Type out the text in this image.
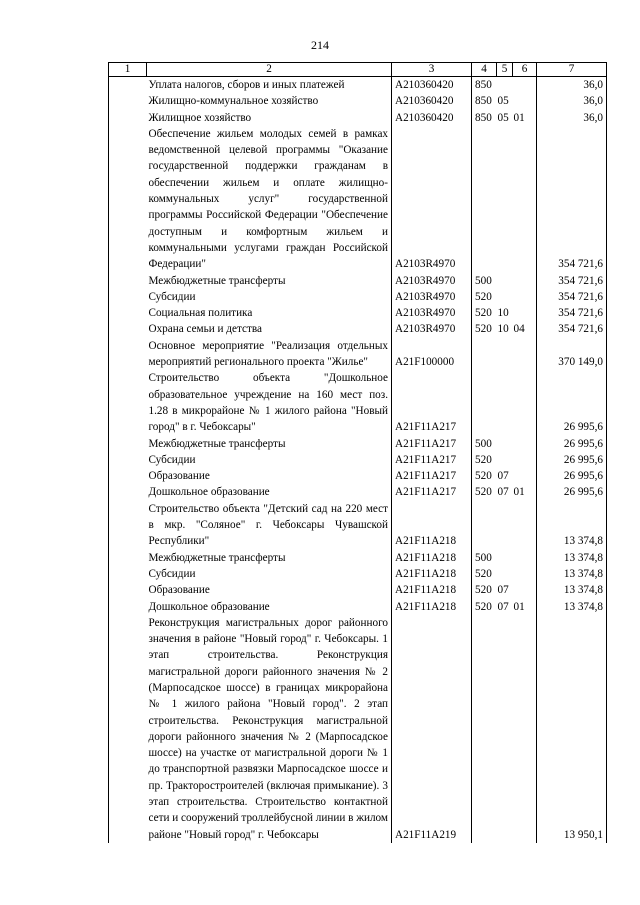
214
1	2	3	4	5	6	7
	Уплата налогов, сборов и иных платежей	A210360420	850			36,0
	Жилищно-коммунальное хозяйство	A210360420	850	05		36,0
	Жилищное хозяйство	A210360420	850	05	01	36,0
	Обеспечение жильем молодых семей в рамках ведомственной целевой программы "Оказание государственной поддержки гражданам в обеспечении жильем и оплате жилищно-коммунальных услуг" государственной программы Российской Федерации "Обеспечение доступным и комфортным жильем и коммунальными услугами граждан Российской Федерации"	A2103R4970				354 721,6
	Межбюджетные трансферты	A2103R4970	500			354 721,6
	Субсидии	A2103R4970	520			354 721,6
	Социальная политика	A2103R4970	520	10		354 721,6
	Охрана семьи и детства	A2103R4970	520	10	04	354 721,6
	Основное мероприятие "Реализация отдельных мероприятий регионального проекта "Жилье"	A21F100000				370 149,0
	Строительство объекта "Дошкольное образовательное учреждение на 160 мест поз. 1.28 в микрорайоне № 1 жилого района "Новый город" в г. Чебоксары"	A21F11A217				26 995,6
	Межбюджетные трансферты	A21F11A217	500			26 995,6
	Субсидии	A21F11A217	520			26 995,6
	Образование	A21F11A217	520	07		26 995,6
	Дошкольное образование	A21F11A217	520	07	01	26 995,6
	Строительство объекта "Детский сад на 220 мест в мкр. "Соляное" г. Чебоксары Чувашской Республики"	A21F11A218				13 374,8
	Межбюджетные трансферты	A21F11A218	500			13 374,8
	Субсидии	A21F11A218	520			13 374,8
	Образование	A21F11A218	520	07		13 374,8
	Дошкольное образование	A21F11A218	520	07	01	13 374,8
	Реконструкция магистральных дорог районного значения в районе "Новый город" г. Чебоксары. 1 этап строительства. Реконструкция магистральной дороги районного значения № 2 (Марпосадское шоссе) в границах микрорайона № 1 жилого района "Новый город". 2 этап строительства. Реконструкция магистральной дороги районного значения № 2 (Марпосадское шоссе) на участке от магистральной дороги № 1 до транспортной развязки Марпосадское шоссе и пр. Тракторостроителей (включая примыкание). 3 этап строительства. Строительство контактной сети и сооружений троллейбусной линии в жилом районе "Новый город" г. Чебоксары	A21F11A219				13 950,1
